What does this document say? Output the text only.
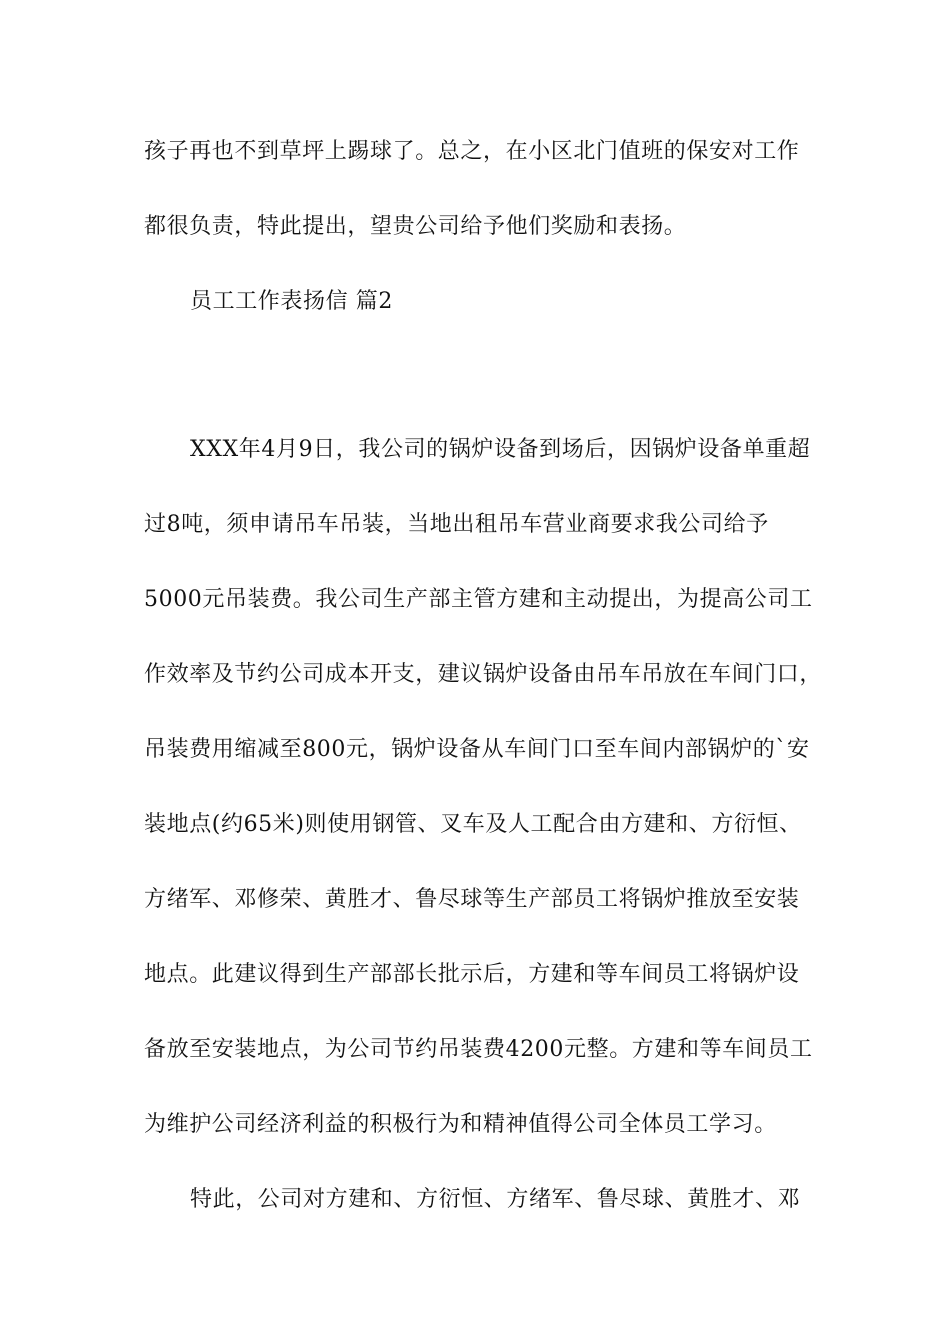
孩子再也不到草坪上踢球了。总之，在小区北门值班的保安对工作
都很负责，特此提出，望贵公司给予他们奖励和表扬。
员工工作表扬信 篇2
XXX年4月9日，我公司的锅炉设备到场后，因锅炉设备单重超
过8吨，须申请吊车吊装，当地出租吊车营业商要求我公司给予
5000元吊装费。我公司生产部主管方建和主动提出，为提高公司工
作效率及节约公司成本开支，建议锅炉设备由吊车吊放在车间门口，
吊装费用缩减至800元，锅炉设备从车间门口至车间内部锅炉的`安
装地点(约65米)则使用钢管、叉车及人工配合由方建和、方衍恒、
方绪军、邓修荣、黄胜才、鲁尽球等生产部员工将锅炉推放至安装
地点。此建议得到生产部部长批示后，方建和等车间员工将锅炉设
备放至安装地点，为公司节约吊装费4200元整。方建和等车间员工
为维护公司经济利益的积极行为和精神值得公司全体员工学习。
特此，公司对方建和、方衍恒、方绪军、鲁尽球、黄胜才、邓
